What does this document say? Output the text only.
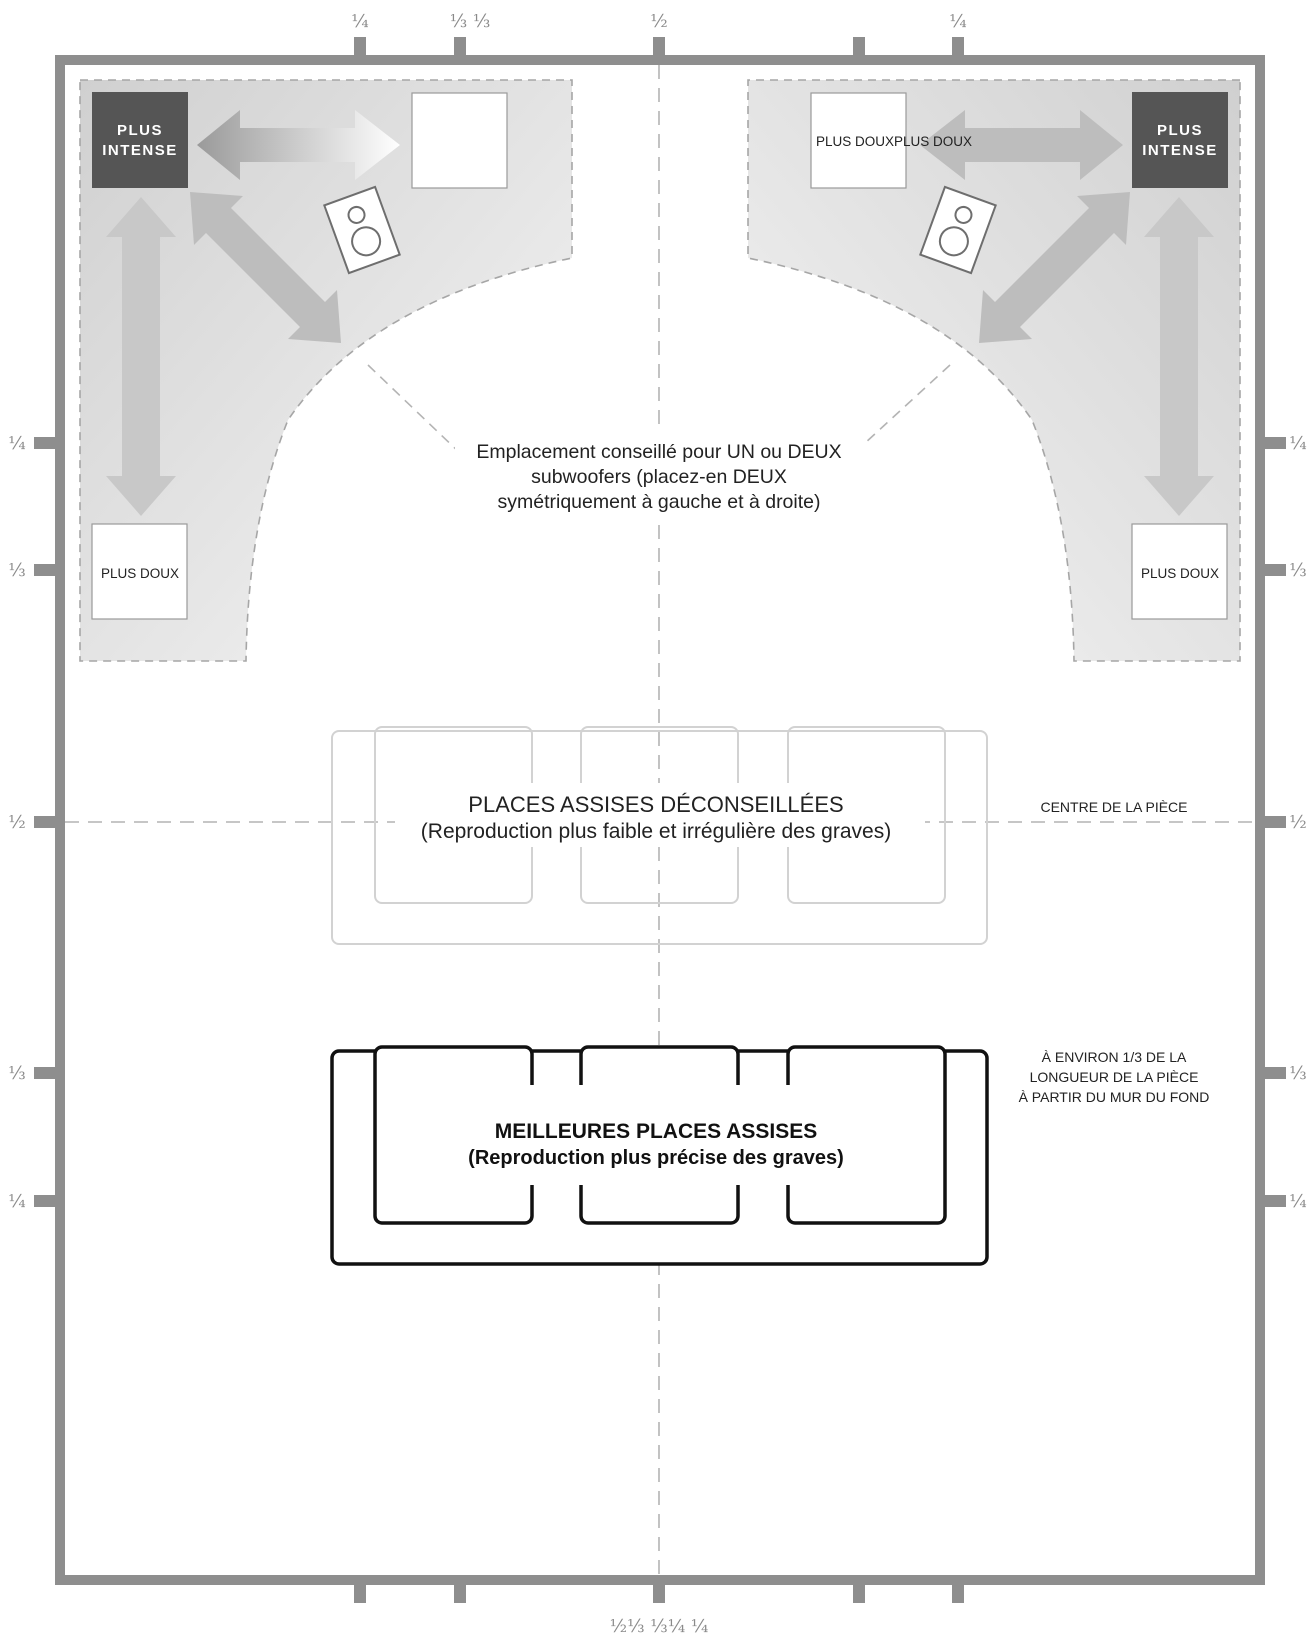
PLUS
INTENSE
PLUS
INTENSE
PLUS DOUXPLUS DOUX
PLUS DOUX	PLUS DOUX
Emplacement conseillé pour UN ou DEUX
subwoofers (placez-en DEUX
symétriquement à gauche et à droite)
PLACES ASSISES DÉCONSEILLÉES
(Reproduction plus faible et irrégulière des graves)
CENTRE DE LA PIÈCE
MEILLEURES PLACES ASSISES
(Reproduction plus précise des graves)
À ENVIRON 1/3 DE LA
LONGUEUR DE LA PIÈCE
À PARTIR DU MUR DU FOND
¼	⅓ ⅓	½	¼
½⅓ ⅓¼ ¼
¼
⅓
½
⅓
¼
¼
⅓
½
⅓
¼
